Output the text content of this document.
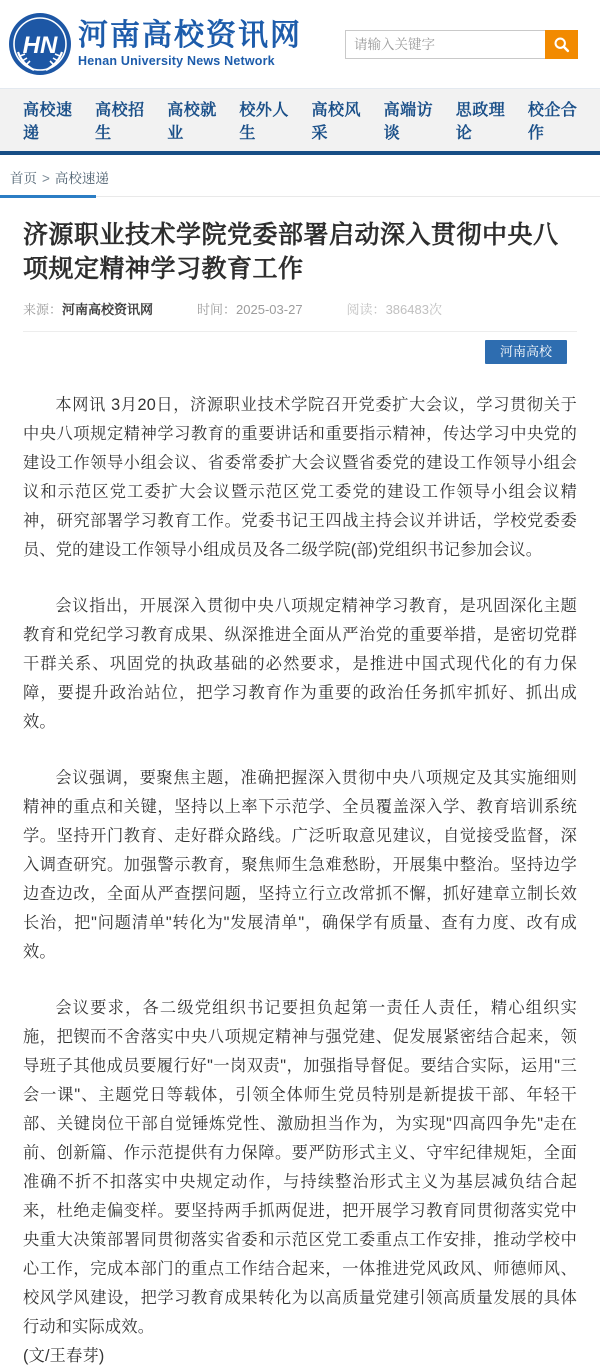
HN 河南高校资讯网
Henan University News Network
请输入关键字
高校速递
高校招生
高校就业
校外人生
高校风采
高端访谈
思政理论
校企合作
首页 > 高校速递
济源职业技术学院党委部署启动深入贯彻中央八项规定精神学习教育工作
来源：河南高校资讯网	时间：2025-03-27	阅读：386483次
河南高校

本网讯 3月20日，济源职业技术学院召开党委扩大会议，学习贯彻关于中央八项规定精神学习教育的重要讲话和重要指示精神，传达学习中央党的建设工作领导小组会议、省委常委扩大会议暨省委党的建设工作领导小组会议和示范区党工委扩大会议暨示范区党工委党的建设工作领导小组会议精神，研究部署学习教育工作。党委书记王四战主持会议并讲话，学校党委委员、党的建设工作领导小组成员及各二级学院(部)党组织书记参加会议。

会议指出，开展深入贯彻中央八项规定精神学习教育，是巩固深化主题教育和党纪学习教育成果、纵深推进全面从严治党的重要举措，是密切党群干群关系、巩固党的执政基础的必然要求，是推进中国式现代化的有力保障，要提升政治站位，把学习教育作为重要的政治任务抓牢抓好、抓出成效。

会议强调，要聚焦主题，准确把握深入贯彻中央八项规定及其实施细则精神的重点和关键，坚持以上率下示范学、全员覆盖深入学、教育培训系统学。坚持开门教育、走好群众路线。广泛听取意见建议，自觉接受监督，深入调查研究。加强警示教育，聚焦师生急难愁盼，开展集中整治。坚持边学边查边改，全面从严查摆问题，坚持立行立改常抓不懈，抓好建章立制长效长治，把"问题清单"转化为"发展清单"，确保学有质量、查有力度、改有成效。

会议要求，各二级党组织书记要担负起第一责任人责任，精心组织实施，把锲而不舍落实中央八项规定精神与强党建、促发展紧密结合起来，领导班子其他成员要履行好"一岗双责"，加强指导督促。要结合实际，运用"三会一课"、主题党日等载体，引领全体师生党员特别是新提拔干部、年轻干部、关键岗位干部自觉锤炼党性、激励担当作为，为实现"四高四争先"走在前、创新篇、作示范提供有力保障。要严防形式主义、守牢纪律规矩，全面准确不折不扣落实中央规定动作，与持续整治形式主义为基层减负结合起来，杜绝走偏变样。要坚持两手抓两促进，把开展学习教育同贯彻落实党中央重大决策部署同贯彻落实省委和示范区党工委重点工作安排，推动学校中心工作，完成本部门的重点工作结合起来，一体推进党风政风、师德师风、校风学风建设，把学习教育成果转化为以高质量党建引领高质量发展的具体行动和实际成效。

(文/王春芽)
